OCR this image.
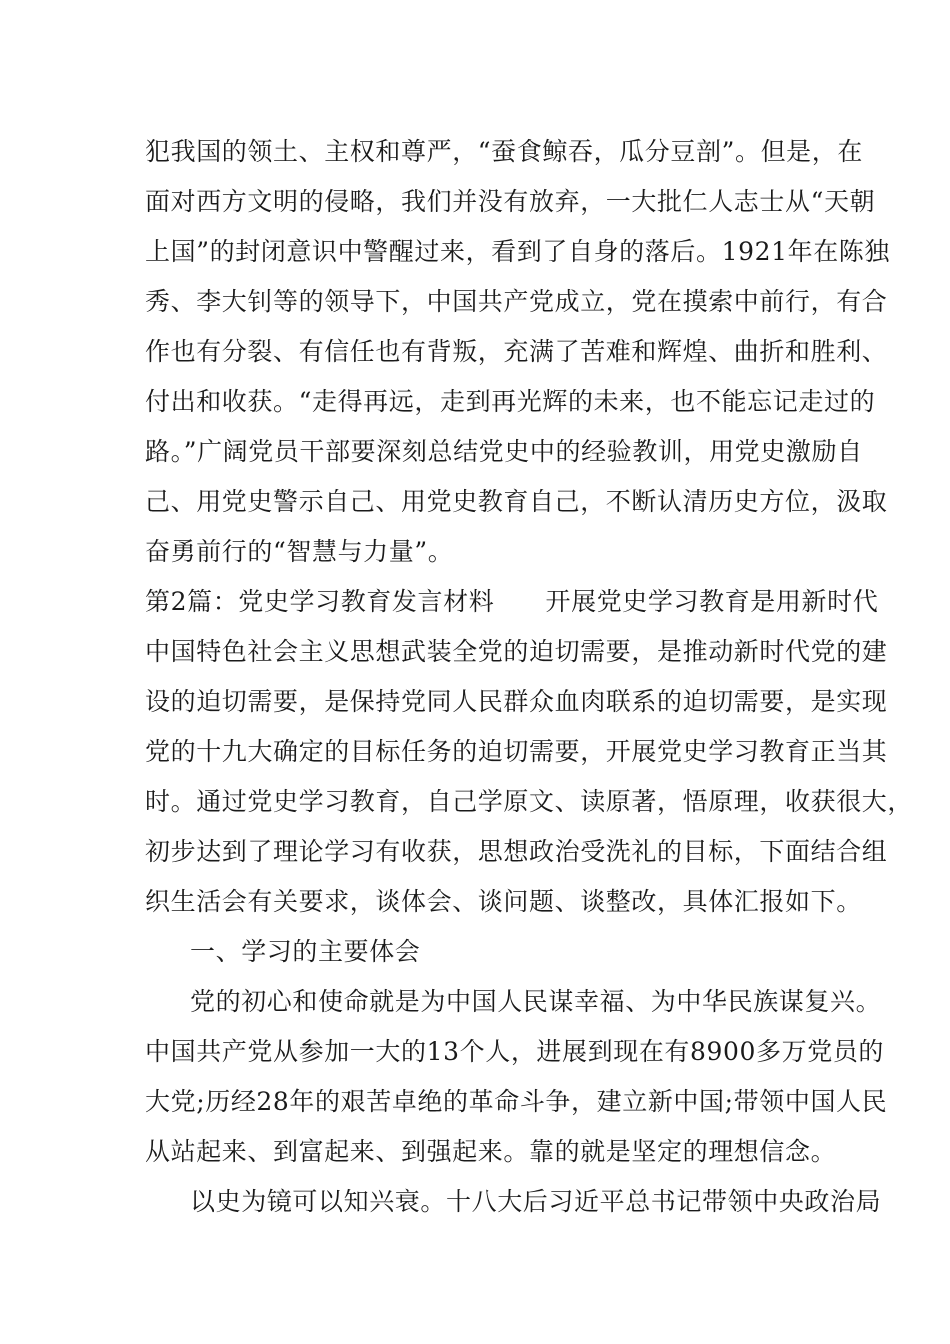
犯我国的领土、主权和尊严，“蚕食鲸吞，瓜分豆剖”。但是，在
面对西方文明的侵略，我们并没有放弃，一大批仁人志士从“天朝
上国”的封闭意识中警醒过来，看到了自身的落后。1921年在陈独
秀、李大钊等的领导下，中国共产党成立，党在摸索中前行，有合
作也有分裂、有信任也有背叛，充满了苦难和辉煌、曲折和胜利、
付出和收获。“走得再远，走到再光辉的未来，也不能忘记走过的
路。”广阔党员干部要深刻总结党史中的经验教训，用党史激励自
己、用党史警示自己、用党史教育自己，不断认清历史方位，汲取
奋勇前行的“智慧与力量”。
第2篇：党史学习教育发言材料　　开展党史学习教育是用新时代
中国特色社会主义思想武装全党的迫切需要，是推动新时代党的建
设的迫切需要，是保持党同人民群众血肉联系的迫切需要，是实现
党的十九大确定的目标任务的迫切需要，开展党史学习教育正当其
时。通过党史学习教育，自己学原文、读原著，悟原理，收获很大，
初步达到了理论学习有收获，思想政治受洗礼的目标，下面结合组
织生活会有关要求，谈体会、谈问题、谈整改，具体汇报如下。
一、学习的主要体会
党的初心和使命就是为中国人民谋幸福、为中华民族谋复兴。
中国共产党从参加一大的13个人，进展到现在有8900多万党员的
大党;历经28年的艰苦卓绝的革命斗争，建立新中国;带领中国人民
从站起来、到富起来、到强起来。靠的就是坚定的理想信念。
以史为镜可以知兴衰。十八大后习近平总书记带领中央政治局
